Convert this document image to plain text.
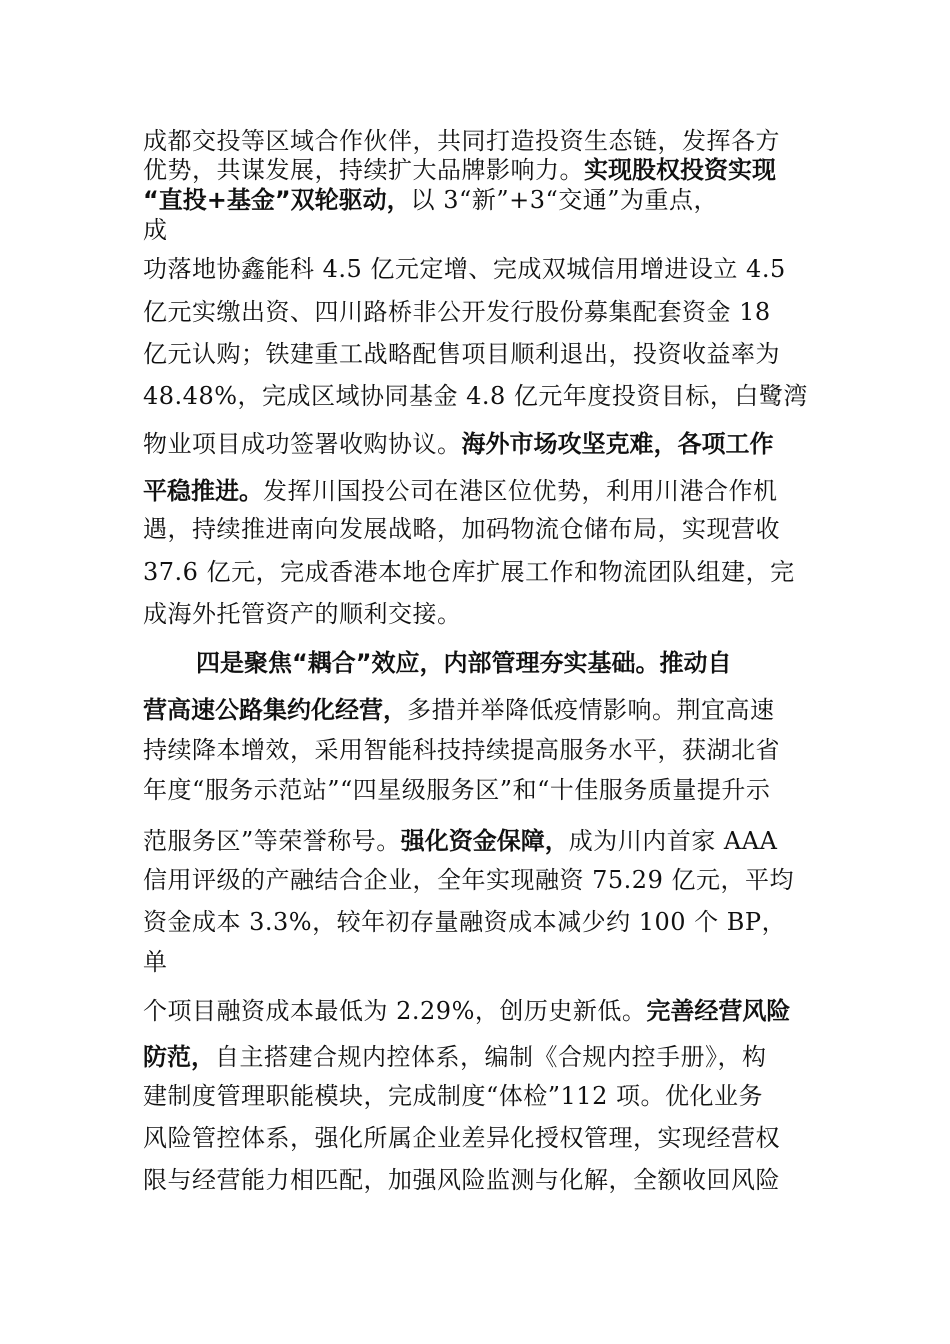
成都交投等区域合作伙伴，共同打造投资生态链，发挥各方
优势，共谋发展，持续扩大品牌影响力。实现股权投资实现
“直投+基金”双轮驱动，以 3“新”+3“交通”为重点，
成
功落地协鑫能科 4.5 亿元定增、完成双城信用增进设立 4.5
亿元实缴出资、四川路桥非公开发行股份募集配套资金 18
亿元认购；铁建重工战略配售项目顺利退出，投资收益率为
48.48%，完成区域协同基金 4.8 亿元年度投资目标，白鹭湾
物业项目成功签署收购协议。海外市场攻坚克难，各项工作
平稳推进。发挥川国投公司在港区位优势，利用川港合作机
遇，持续推进南向发展战略，加码物流仓储布局，实现营收
37.6 亿元，完成香港本地仓库扩展工作和物流团队组建，完
成海外托管资产的顺利交接。
四是聚焦“耦合”效应，内部管理夯实基础。推动自
营高速公路集约化经营，多措并举降低疫情影响。荆宜高速
持续降本增效，采用智能科技持续提高服务水平，获湖北省
年度“服务示范站”“四星级服务区”和“十佳服务质量提升示
范服务区”等荣誉称号。强化资金保障，成为川内首家 AAA
信用评级的产融结合企业，全年实现融资 75.29 亿元，平均
资金成本 3.3%，较年初存量融资成本减少约 100 个 BP，
单
个项目融资成本最低为 2.29%，创历史新低。完善经营风险
防范，自主搭建合规内控体系，编制《合规内控手册》，构
建制度管理职能模块，完成制度“体检”112 项。优化业务
风险管控体系，强化所属企业差异化授权管理，实现经营权
限与经营能力相匹配，加强风险监测与化解，全额收回风险
